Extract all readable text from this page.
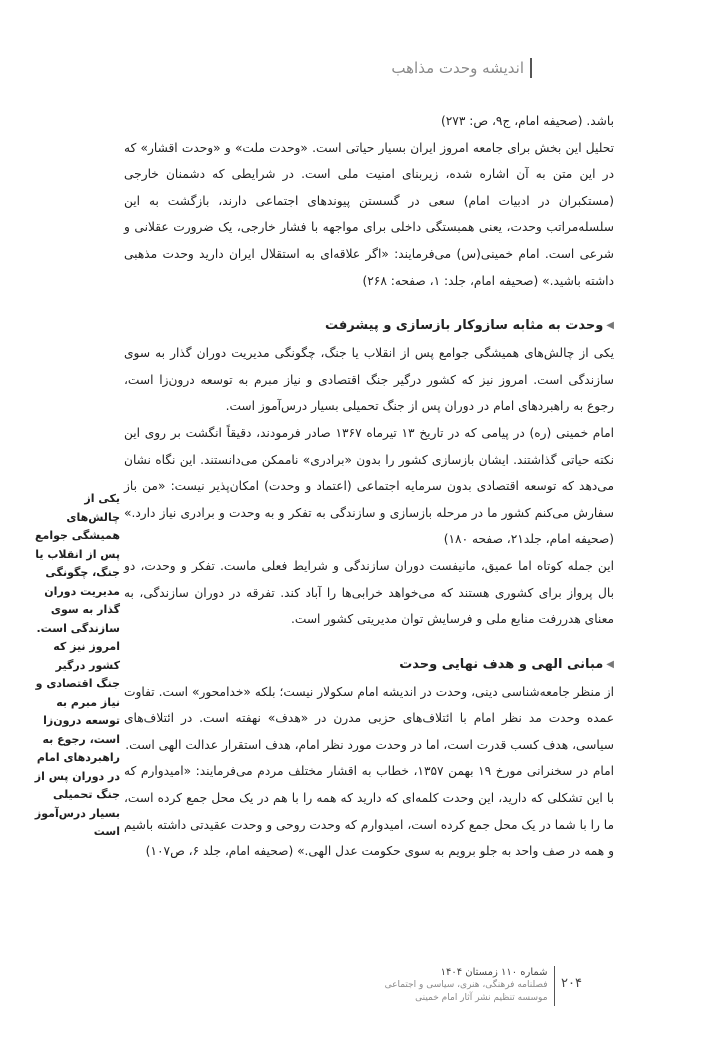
اندیشه وحدت مذاهب

باشد. (صحیفه امام، ج۹، ص: ۲۷۳)

تحلیل این بخش برای جامعه امروز ایران بسیار حیاتی است. «وحدت ملت» و «وحدت اقشار» که در این متن به آن اشاره شده، زیربنای امنیت ملی است. در شرایطی که دشمنان خارجی (مستکبران در ادبیات امام) سعی در گسستن پیوندهای اجتماعی دارند، بازگشت به این سلسله‌مراتب وحدت، یعنی همبستگی داخلی برای مواجهه با فشار خارجی، یک ضرورت عقلانی و شرعی است. امام خمینی(س) می‌فرمایند: «اگر علاقه‌ای به استقلال ایران دارید وحدت مذهبی داشته باشید.» (صحیفه امام، جلد: ۱، صفحه: ۲۶۸)

◀
وحدت به مثابه سازوکار بازسازی و پیشرفت

یکی از چالش‌های همیشگی جوامع پس از انقلاب یا جنگ، چگونگی مدیریت دوران گذار به سوی سازندگی است. امروز نیز که کشور درگیر جنگ اقتصادی و نیاز مبرم به توسعه درون‌زا است، رجوع به راهبردهای امام در دوران پس از جنگ تحمیلی بسیار درس‌آموز است.

امام خمینی (ره) در پیامی که در تاریخ ۱۳ تیرماه ۱۳۶۷ صادر فرمودند، دقیقاً انگشت بر روی این نکته حیاتی گذاشتند. ایشان بازسازی کشور را بدون «برادری» ناممکن می‌دانستند. این نگاه نشان می‌دهد که توسعه اقتصادی بدون سرمایه اجتماعی (اعتماد و وحدت) امکان‌پذیر نیست: «من باز سفارش می‌کنم کشور ما در مرحله بازسازی و سازندگی به تفکر و به وحدت و برادری نیاز دارد.» (صحیفه امام، جلد۲۱، صفحه ۱۸۰)

این جمله کوتاه اما عمیق، مانیفست دوران سازندگی و شرایط فعلی ماست. تفکر و وحدت، دو بال پرواز برای کشوری هستند که می‌خواهد خرابی‌ها را آباد کند. تفرقه در دوران سازندگی، به معنای هدررفت منابع ملی و فرسایش توان مدیریتی کشور است.

◀
مبانی الهی و هدف نهایی وحدت

از منظر جامعه‌شناسی دینی، وحدت در اندیشه امام سکولار نیست؛ بلکه «خدامحور» است. تفاوت عمده وحدت مد نظر امام با ائتلاف‌های حزبی مدرن در «هدف» نهفته است. در ائتلاف‌های سیاسی، هدف کسب قدرت است، اما در وحدت مورد نظر امام، هدف استقرار عدالت الهی است.

امام در سخنرانی مورخ ۱۹ بهمن ۱۳۵۷، خطاب به اقشار مختلف مردم می‌فرمایند: «امیدوارم که با این تشکلی که دارید، این وحدت کلمه‌ای که دارید که همه را با هم در یک محل جمع کرده است، ما را با شما در یک محل جمع کرده است، امیدوارم که وحدت روحی و وحدت عقیدتی داشته باشیم و همه در صف واحد به جلو برویم به سوی حکومت عدل الهی.» (صحیفه امام، جلد ۶، ص۱۰۷)

یکی از چالش‌های همیشگی جوامع پس از انقلاب یا جنگ، چگونگی مدیریت دوران گذار به سوی سازندگی است. امروز نیز که کشور درگیر جنگ اقتصادی و نیاز مبرم به توسعه درون‌زا است، رجوع به راهبردهای امام در دوران پس از جنگ تحمیلی بسیار درس‌آموز است
۲۰۴
شماره ۱۱۰ زمستان ۱۴۰۴
فصلنامه فرهنگی، هنری، سیاسی و اجتماعی
موسسه تنظیم نشر آثار امام خمینی
